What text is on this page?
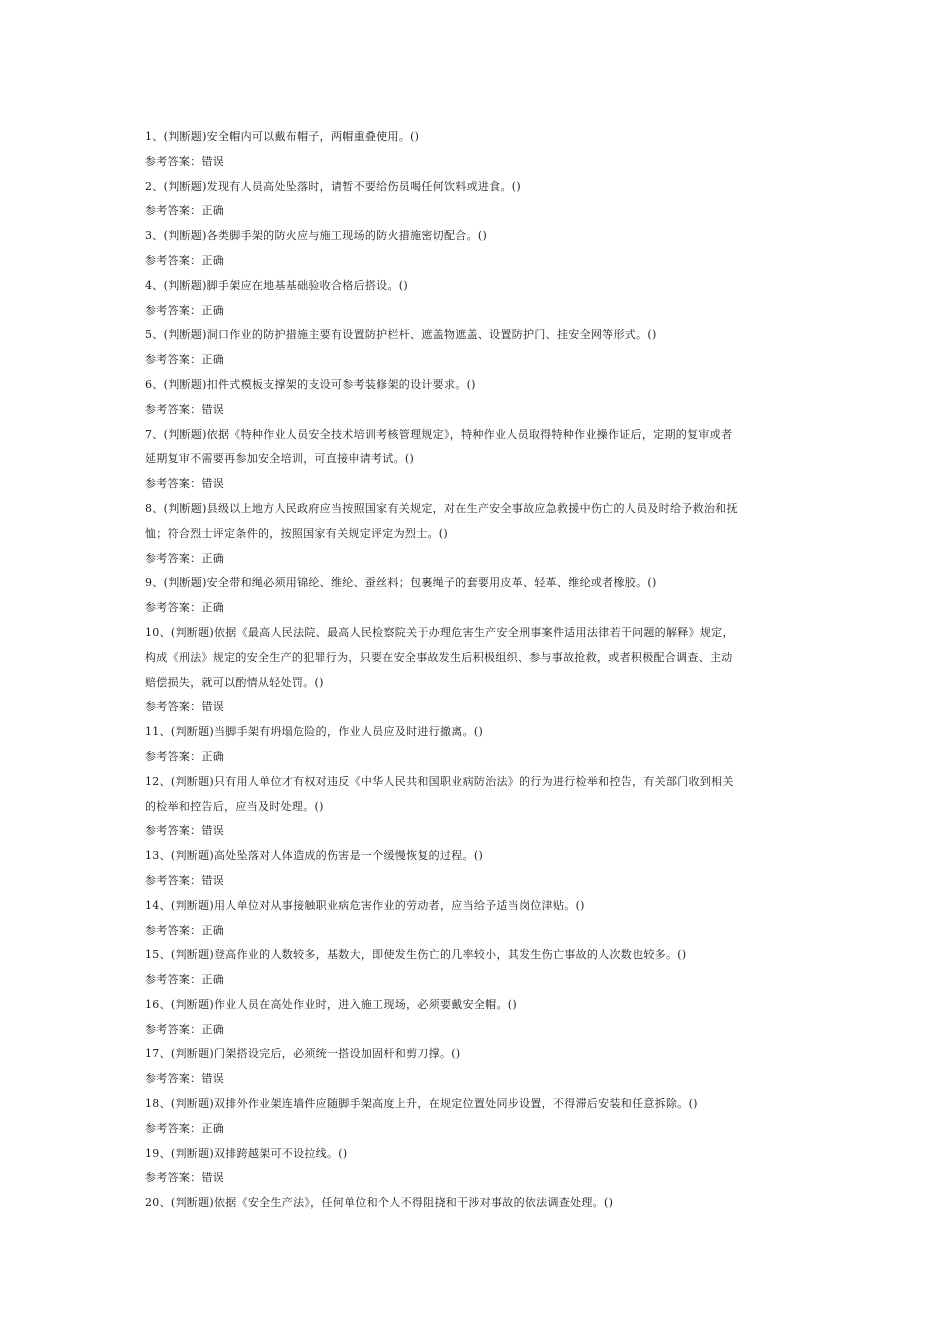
1、(判断题)安全帽内可以戴布帽子，两帽重叠使用。()
参考答案：错误
2、(判断题)发现有人员高处坠落时，请暂不要给伤员喝任何饮料或进食。()
参考答案：正确
3、(判断题)各类脚手架的防火应与施工现场的防火措施密切配合。()
参考答案：正确
4、(判断题)脚手架应在地基基础验收合格后搭设。()
参考答案：正确
5、(判断题)洞口作业的防护措施主要有设置防护栏杆、遮盖物遮盖、设置防护门、挂安全网等形式。()
参考答案：正确
6、(判断题)扣件式模板支撑架的支设可参考装修架的设计要求。()
参考答案：错误
7、(判断题)依据《特种作业人员安全技术培训考核管理规定》，特种作业人员取得特种作业操作证后，定期的复审或者
延期复审不需要再参加安全培训，可直接申请考试。()
参考答案：错误
8、(判断题)县级以上地方人民政府应当按照国家有关规定，对在生产安全事故应急救援中伤亡的人员及时给予救治和抚
恤；符合烈士评定条件的，按照国家有关规定评定为烈士。()
参考答案：正确
9、(判断题)安全带和绳必须用锦纶、维纶、蚕丝料；包裹绳子的套要用皮革、轻革、维纶或者橡胶。()
参考答案：正确
10、(判断题)依据《最高人民法院、最高人民检察院关于办理危害生产安全刑事案件适用法律若干问题的解释》规定，
构成《刑法》规定的安全生产的犯罪行为，只要在安全事故发生后积极组织、参与事故抢救，或者积极配合调查、主动
赔偿损失，就可以酌情从轻处罚。()
参考答案：错误
11、(判断题)当脚手架有坍塌危险的，作业人员应及时进行撤离。()
参考答案：正确
12、(判断题)只有用人单位才有权对违反《中华人民共和国职业病防治法》的行为进行检举和控告，有关部门收到相关
的检举和控告后，应当及时处理。()
参考答案：错误
13、(判断题)高处坠落对人体造成的伤害是一个缓慢恢复的过程。()
参考答案：错误
14、(判断题)用人单位对从事接触职业病危害作业的劳动者，应当给予适当岗位津贴。()
参考答案：正确
15、(判断题)登高作业的人数较多，基数大，即使发生伤亡的几率较小，其发生伤亡事故的人次数也较多。()
参考答案：正确
16、(判断题)作业人员在高处作业时，进入施工现场，必须要戴安全帽。()
参考答案：正确
17、(判断题)门架搭设完后，必须统一搭设加固杆和剪刀撑。()
参考答案：错误
18、(判断题)双排外作业架连墙件应随脚手架高度上升，在规定位置处同步设置，不得滞后安装和任意拆除。()
参考答案：正确
19、(判断题)双排跨越架可不设拉线。()
参考答案：错误
20、(判断题)依据《安全生产法》，任何单位和个人不得阻挠和干涉对事故的依法调查处理。()
